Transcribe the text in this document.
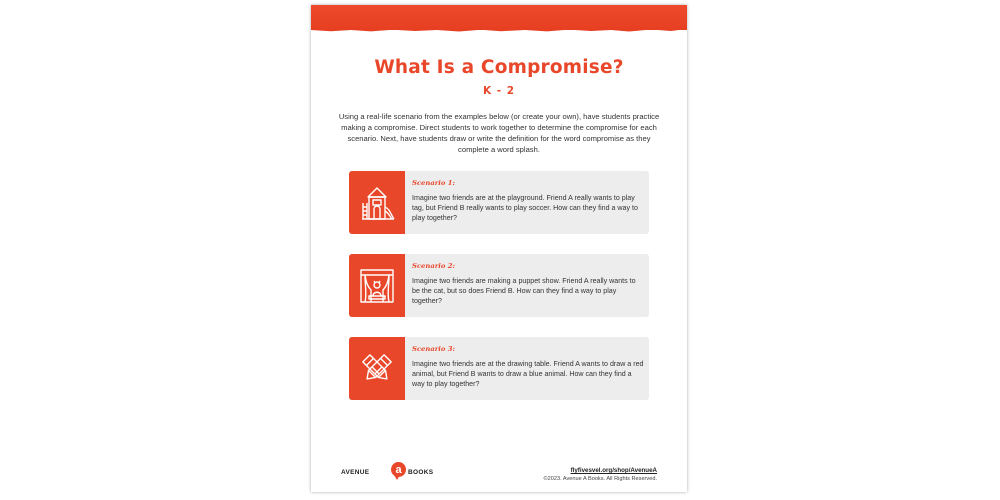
What Is a Compromise?
K - 2
Using a real-life scenario from the examples below (or create your own), have students practice making a compromise. Direct students to work together to determine the compromise for each scenario. Next, have students draw or write the definition for the word compromise as they complete a word splash.
Scenario 1:
Imagine two friends are at the playground. Friend A really wants to play tag, but Friend B really wants to play soccer. How can they find a way to play together?
Scenario 2:
Imagine two friends are making a puppet show. Friend A really wants to be the cat, but so does Friend B. How can they find a way to play together?
Scenario 3:
Imagine two friends are at the drawing table. Friend A wants to draw a red animal, but Friend B wants to draw a blue animal. How can they find a way to play together?
AVENUE	a BOOKS	flyfivesvel.org/shop/AvenueA
©2023. Avenue A Books. All Rights Reserved.
